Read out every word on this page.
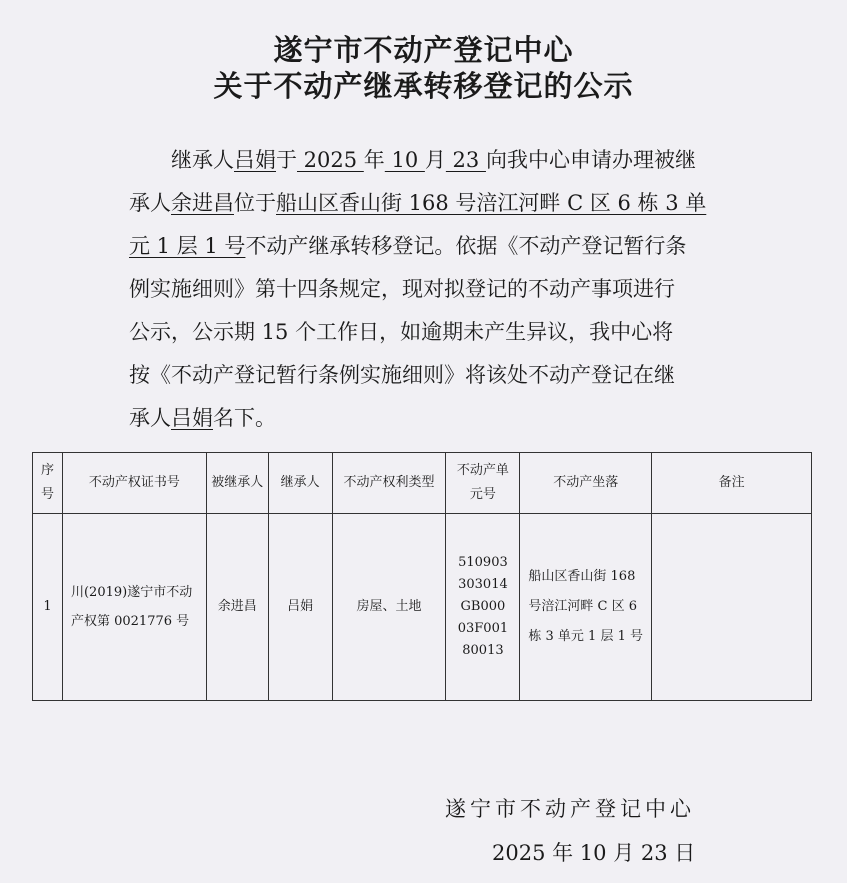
遂宁市不动产登记中心
关于不动产继承转移登记的公示
继承人吕娟于 2025 年 10 月 23 向我中心申请办理被继
承人余进昌位于船山区香山街 168 号涪江河畔 C 区 6 栋 3 单
元 1 层 1 号不动产继承转移登记。依据《不动产登记暂行条
例实施细则》第十四条规定，现对拟登记的不动产事项进行
公示，公示期 15 个工作日，如逾期未产生异议，我中心将
按《不动产登记暂行条例实施细则》将该处不动产登记在继
承人吕娟名下。
序号	不动产权证书号	被继承人	继承人	不动产权利类型	不动产单元号	不动产坐落	备注
1	川(2019)遂宁市不动产权第 0021776 号	余进昌	吕娟	房屋、土地	510903303014GB00003F00180013	船山区香山街 168 号涪江河畔 C 区 6 栋 3 单元 1 层 1 号	
遂宁市不动产登记中心
2025 年 10 月 23 日
